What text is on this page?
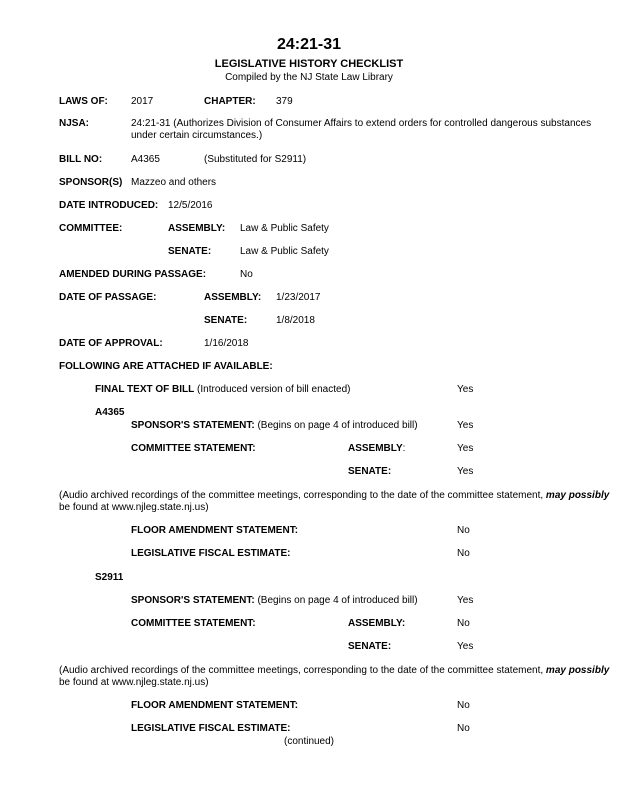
24:21-31
LEGISLATIVE HISTORY CHECKLIST
Compiled by the NJ State Law Library
LAWS OF: 2017	CHAPTER: 379
NJSA:	24:21-31 (Authorizes Division of Consumer Affairs to extend orders for controlled dangerous substances
under certain circumstances.)
BILL NO:	A4365	(Substituted for S2911)
SPONSOR(S) Mazzeo and others
DATE INTRODUCED: 12/5/2016
COMMITTEE:	ASSEMBLY: Law & Public Safety
SENATE:	Law & Public Safety
AMENDED DURING PASSAGE:	No
DATE OF PASSAGE:	ASSEMBLY: 1/23/2017
SENATE:	1/8/2018
DATE OF APPROVAL:	1/16/2018
FOLLOWING ARE ATTACHED IF AVAILABLE:
FINAL TEXT OF BILL (Introduced version of bill enacted)	Yes
A4365
SPONSOR'S STATEMENT: (Begins on page 4 of introduced bill)	Yes
COMMITTEE STATEMENT:	ASSEMBLY:	Yes
SENATE:	Yes
(Audio archived recordings of the committee meetings, corresponding to the date of the committee statement, may possibly
be found at www.njleg.state.nj.us)
FLOOR AMENDMENT STATEMENT:	No
LEGISLATIVE FISCAL ESTIMATE:	No
S2911
SPONSOR'S STATEMENT: (Begins on page 4 of introduced bill)	Yes
COMMITTEE STATEMENT:	ASSEMBLY:	No
SENATE:	Yes
(Audio archived recordings of the committee meetings, corresponding to the date of the committee statement, may possibly
be found at www.njleg.state.nj.us)
FLOOR AMENDMENT STATEMENT:	No
LEGISLATIVE FISCAL ESTIMATE:	No
(continued)
